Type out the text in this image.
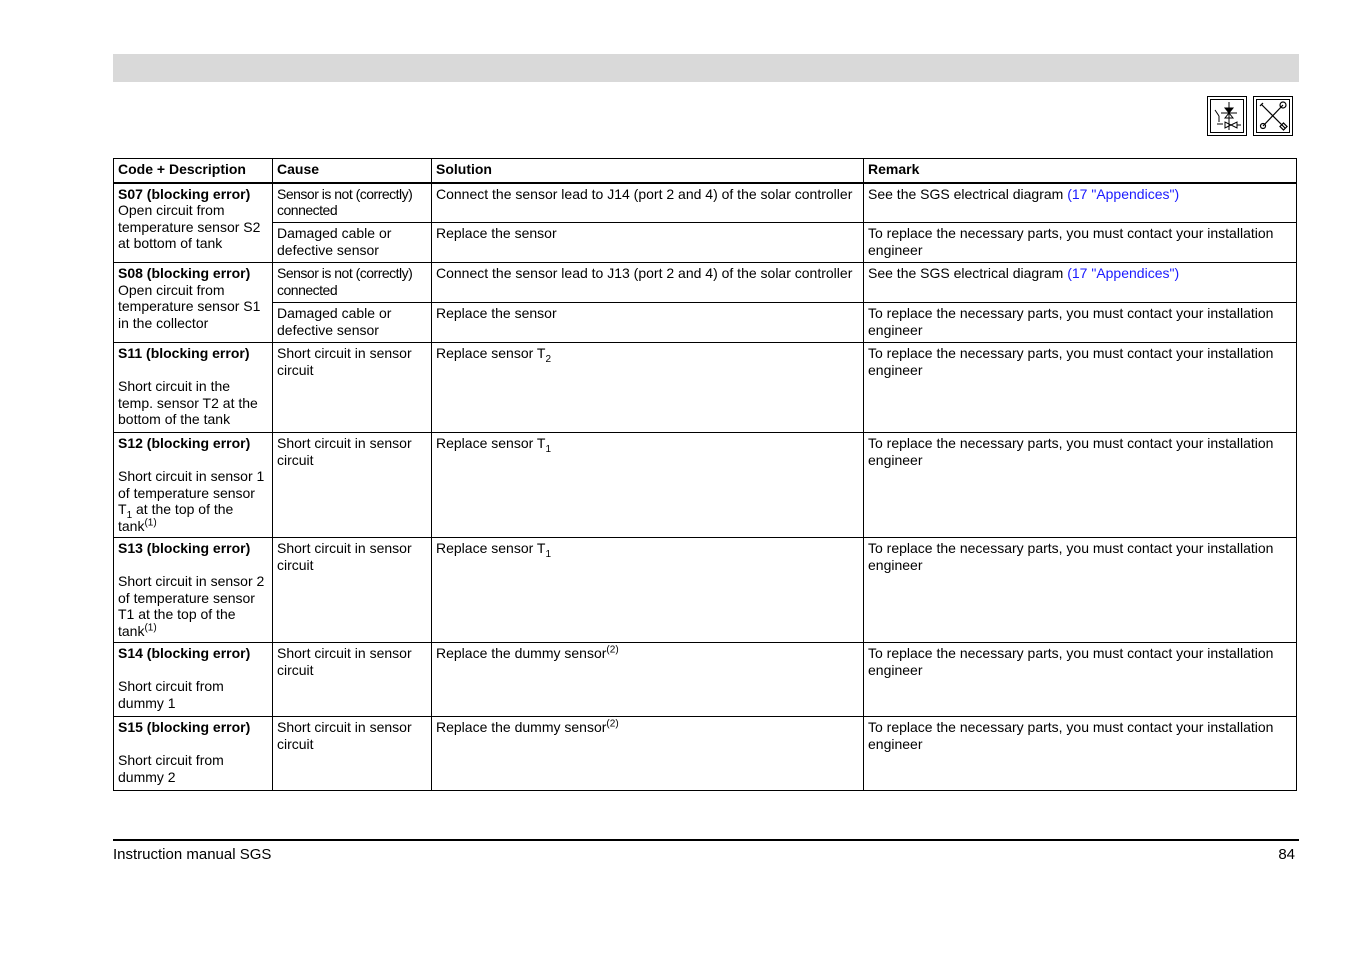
Code + Description	Cause	Solution	Remark

S07 (blocking error)
Open circuit from temperature sensor S2 at bottom of tank	Sensor is not (correctly) connected	Connect the sensor lead to J14 (port 2 and 4) of the solar controller	See the SGS electrical diagram (17 "Appendices")
	Damaged cable or defective sensor	Replace the sensor	To replace the necessary parts, you must contact your installation engineer

S08 (blocking error)
Open circuit from temperature sensor S1 in the collector	Sensor is not (correctly) connected	Connect the sensor lead to J13 (port 2 and 4) of the solar controller	See the SGS electrical diagram (17 "Appendices")
	Damaged cable or defective sensor	Replace the sensor	To replace the necessary parts, you must contact your installation engineer

S11 (blocking error)
Short circuit in the temp. sensor T2 at the bottom of the tank	Short circuit in sensor circuit	Replace sensor $T_2$	To replace the necessary parts, you must contact your installation engineer

S12 (blocking error)
Short circuit in sensor 1 of temperature sensor $T_1$ at the top of the tank$^{(1)}$	Short circuit in sensor circuit	Replace sensor $T_1$	To replace the necessary parts, you must contact your installation engineer

S13 (blocking error)
Short circuit in sensor 2 of temperature sensor T1 at the top of the tank$^{(1)}$	Short circuit in sensor circuit	Replace sensor $T_1$	To replace the necessary parts, you must contact your installation engineer

S14 (blocking error)
Short circuit from dummy 1	Short circuit in sensor circuit	Replace the dummy sensor$^{(2)}$	To replace the necessary parts, you must contact your installation engineer

S15 (blocking error)
Short circuit from dummy 2	Short circuit in sensor circuit	Replace the dummy sensor$^{(2)}$	To replace the necessary parts, you must contact your installation engineer
Instruction manual SGS	84
